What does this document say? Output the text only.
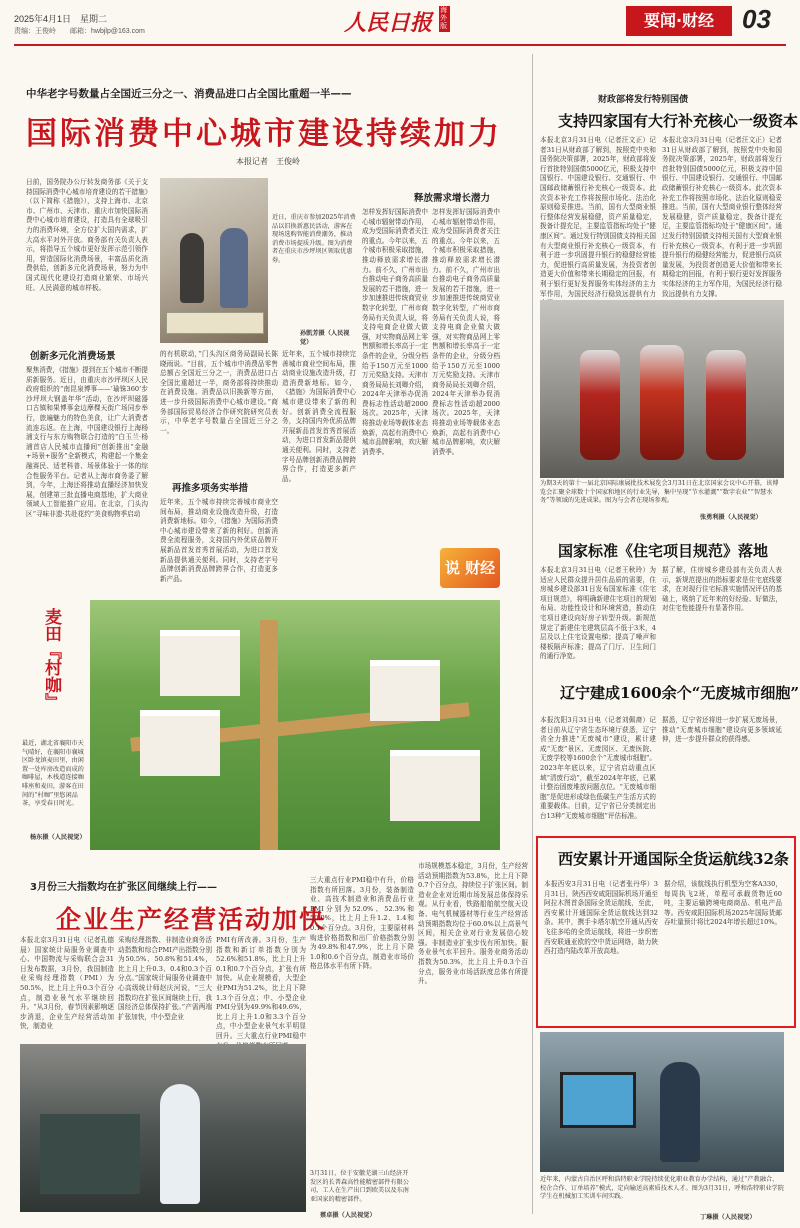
2025年4月1日　星期二
责编：王俊岭　　邮箱：hwbjlp@163.com	人民日报 海外版	要闻·财经	03
中华老字号数量占全国近三分之一、消费品进口占全国比重超一半——
国际消费中心城市建设持续加力
本报记者　王俊岭
日前，国务院办公厅转发商务部《关于支持国际消费中心城市培育建设的若干措施》（以下简称《措施》），支持上海市、北京市、广州市、天津市、重庆市加快国际消费中心城市培育建设，打造具有全球吸引力的消费环境，全方位扩大国内需求，扩大高水平对外开放。商务部有关负责人表示，将指导五个城市更好发挥示范引领作用，营造国际化消费场景，丰富品质化消费供给，创新多元化消费场景，努力为中国式现代化建设打造商业繁荣、市场兴旺、人民满意的城市样板。
创新多元化消费场景
聚焦消费，《措施》提到在五个城市不断提质新服务。近日，由重庆市沙坪坝区人民政府组织的“南昆泉博事——‘瑜铢360’步　沙坪坝大钢盖年华”活动，在沙坪坝磁器口古镇和果博事金边摩棵天街广场同步举行，旅遍魅力的特色美食，让广大消费者流连忘返。在上海，中国建设银行上海杨浦支行与东方购物联合打造的“白玉兰·杨浦首店人民城市直播间”创新推出“金融+场景+服务”全新模式，构建起一个集金融赛民、适老科普、场景体验于一体的综合性服务平台。记者从上海市商务委了解到，今年，上海还将推动直播经济加快发展，创建第三批直播电商基地，扩大商业领域人工智能推广应用。在北京，门头沟区“寻味非遗·共赴花约”美食购物季启动
近日，重庆市参加2025年消费品以旧换新惠民活动，游客在现场选购智能消费潮务，推动消费市场提质升级。图为消费者在重庆市沙坪坝区领取优惠券。
孙凯芳摄（人民视觉）
的有机联动，”门头沟区商务局副局长陈晓雨说。“目前，五个城市中消费品零售总额占全国近三分之一，消费品进口占全国比重超过一半，商务部将持续推动在消费设施、消费品以旧换新等方面，进一步升级国际消费中心城市建设。”商务部国际贸易经济合作研究院研究员表示，中华老字号数量占全国近三分之一。
再推多项务实举措
近年来，五个城市持续完善城市商业空间布局，推动商业设施改造升级，打造消费新地标。如今，《措施》为国际消费中心城市建设带来了新的利好。创新消费全流程服务，支持国内外优质品牌开展新品首发首秀首展活动，为进口首发新品提供通关便利。同时，支持老字号品牌创新消费品牌跨界合作，打造更多新产品。
近年来，五个城市持续完善城市商业空间布局，推动商业设施改造升级，打造消费新地标。如今，《措施》为国际消费中心城市建设带来了新的利好。创新消费全流程服务，支持国内外优质品牌开展新品首发首秀首展活动，为进口首发新品提供通关便利。同时，支持老字号品牌创新消费品牌跨界合作，打造更多新产品。
释放需求增长潜力
怎样发挥好国际消费中心城市辐射带动作用，成为受国际消费者关注的重点。今年以来，五个城市积极采取措施，推动释放需求增长潜力。前不久，广州市出台推动电子商务高质量发展的若干措施，进一步加速推进传统商贸业数字化转型，广州市商务局有关负责人说，将支持电商企业做大做强，对实物商品网上零售额和增长率高于一定条件的企业，分级分档给予150万元至1000万元奖励支持。天津市商务局局长刘卿介绍，2024年天津举办促消费标志性活动超2000场次。2025年，天津将推动业场等载体业态焕新，高起有消费中心城市品牌影响，欢庆解消费季。
怎样发挥好国际消费中心城市辐射带动作用，成为受国际消费者关注的重点。今年以来，五个城市积极采取措施，推动释放需求增长潜力。前不久，广州市出台推动电子商务高质量发展的若干措施，进一步加速推进传统商贸业数字化转型，广州市商务局有关负责人说，将支持电商企业做大做强，对实物商品网上零售额和增长率高于一定条件的企业，分级分档给予150万元至1000万元奖励支持。天津市商务局局长刘卿介绍，2024年天津举办促消费标志性活动超2000场次。2025年，天津将推动业场等载体业态焕新，高起有消费中心城市品牌影响，欢庆解消费季。
说 财经
麦田『村咖』
最近，湖北省襄阳市天气晴好，在襄阳市襄城区卧龙镇麦田里，由闲置一处库房改造而成的咖啡屋，木栈道连接咖啡座和麦田，游客在田间的“村咖”里悠闲品茶，享受春日时光。
杨东摄（人民视觉）
3月份三大指数均在扩张区间继续上行——
企业生产经营活动加快
本报北京3月31日电（记者孔德晨）国家统计局服务业调查中心、中国物流与采购联合会31日发布数据，3月份，我国制造业采购经理指数（PMI）为50.5%，比上月上升0.3个百分点，制造业景气水平继续回升。“从3月份，春节因素影响逐步消退，企业生产经营活动加快，制造业
采购经理指数、非制造业商务活动指数和综合PMI产出指数分别为50.5%、50.8%和51.4%，比上月上升0.3、0.4和0.3个百分点。”国家统计局服务业调查中心高级统计师赵庆河说，“三大指数均在扩张区间继续上行，我国经济总体保持扩张。”产需两端扩张加快，中小型企业
PMI有所改善。3月份，生产指数和新订单指数分别为52.6%和51.8%，比上月上升0.1和0.7个百分点，扩张有所加快。从企业规模看，大型企业PMI为51.2%，比上月下降1.3个百分点；中、小型企业PMI分别为49.9%和49.6%，比上月上升1.0和3.3个百分点，中小型企业景气水平明显回升。三大重点行业PMI稳中
三大重点行业PMI稳中有升，价格指数有所回落。3月份，装备制造业、高技术制造业和消费品行业PMI分别为52.0%、52.3%和50.0%，比上月上升1.2、1.4和0.1个百分点。3月份，主要原材料购进价格指数和出厂价格指数分别为49.8%和47.9%，比上月下降1.0和0.6个百分点，制造业市场价格总体水平有所下降。
市场规模基本稳定，3月份，生产经营活动预期指数为53.8%，比上月下降0.7个百分点，持续位于扩张区间。制造业企业对近期市场发展总体保持乐观。从行业看，铁路船舶航空航天设备、电气机械器材等行业生产经营活动预期指数均位于60.0%以上高景气区间，相关企业对行业发展信心较强。非制造业扩张步伐有所加快。服务业景气水平回升。服务业商务活动指数为50.3%，比上月上升0.3个百分点，服务业市场活跃度总体有所提升。
3月31日，位于安徽芜湖三山经济开发区的长普森高性能精密部件有限公司，工人在生产出口到欧美以及东南亚国家的精密部件。
蔡卓摄（人民视觉）
财政部将发行特别国债
支持四家国有大行补充核心一级资本
本报北京3月31日电（记者汪文正）记者31日从财政部了解到，按照党中央和国务院决策部署，2025年，财政部将发行首批特别国债5000亿元，积极支持中国银行、中国建设银行、交通银行、中国邮政储蓄银行补充核心一级资本。此次资本补充工作将按照市场化、法治化原则稳妥推进。当前，国有大型商业银行整体经营发展稳健，资产质量稳定，拨备计提充足，主要监管指标均处于“健康区间”。通过发行特别国债支持相关国有大型商业银行补充核心一级资本，有利于进一步巩固提升银行的稳健经营能力，促进银行高质量发展，为投资者创造更大价值和带来长期稳定的回报，有利于银行更好发挥服务实体经济的主力军作用，为国民经济行稳致远提供有力
本报北京3月31日电（记者汪文正）记者31日从财政部了解到，按照党中央和国务院决策部署，2025年，财政部将发行首批特别国债5000亿元，积极支持中国银行、中国建设银行、交通银行、中国邮政储蓄银行补充核心一级资本。此次资本补充工作将按照市场化、法治化原则稳妥推进。当前，国有大型商业银行整体经营发展稳健，资产质量稳定，拨备计提充足，主要监管指标均处于“健康区间”。通过发行特别国债支持相关国有大型商业银行补充核心一级资本，有利于进一步巩固提升银行的稳健经营能力，促进银行高质量发展，为投资者创造更大价值和带来长期稳定的回报，有利于银行更好发挥服务实体经济的主力军作用，为国民经济行稳致远提供有力支撑。
为期3天的第十一届北京国际康展批技术展览会3月31日在北京国家会议中心开幕，该博览会汇聚全球数十个国家和地区的行业先导，集中呈现“节水灌溉”“数字农业”“智慧水务”等领域的先进成果。图为与会者在现场参观。
张勇利摄（人民视觉）
国家标准《住宅项目规范》落地
本报北京3月31日电（记者王秋玲）为适应人民群众提升居住品质的需要，住房城乡建设部31日发布国家标准《住宅项目规范》，将明确新建住宅项目的规划布局、功能性设计和环境营造，推动住宅项目建设向好房子转型升级。新规范规定了新建住宅建筑层高不低于3米，4层及以上住宅设置电梯；提高了噪声和楼板隔声标准；提高了门厅、卫生间门的通行净宽。
据了解，住房城乡建设部有关负责人表示，新规范提出的指标要求是住宅底线要求，在对现行住宅标准实施情况评估的基础上，吸纳了近年来的好经验、好做法，对住宅性能提升有显著作用。
辽宁建成1600余个“无废城市细胞”
本报沈阳3月31日电（记者刘佩裔）记者日前从辽宁省生态环境厅获悉，辽宁省全力推进“无废城市”建设，累计建成“无废”景区、无废园区、无废医院、无废学校等1600余个“无废城市细胞”。2023年年底以来，辽宁省启动重点区域“清废行动”，截至2024年年底，已累计整治固废堆放问题点位。“无废城市细胞”是促进形成绿色低碳生产生活方式的重要载体。目前，辽宁省已分类制定出台13种“无废城市细胞”评估标准。
据悉，辽宁省还将进一步扩展无废场景，推动“无废城市细胞”建设向更多领域延伸，进一步提升群众的获得感。
西安累计开通国际全货运航线32条
本报西安3月31日电（记者张丹华）3月31日，陕西西安咸阳国际机场开通至阿拉木图首条国际全货运航线，至此，西安累计开通国际全货运航线达到32条。其中，携手卡塔尔航空开通从西安飞往多哈的全货运航线，将进一步织密西安联通亚欧的空中货运网络，助力陕西打造内陆改革开放高地。
据介绍，该航线执行机型为空客A330，每周执飞2班，单程可承载货物近60吨，主要运输跨境电商商品、机电产品等。西安咸阳国际机场2025年国际货邮吞吐量预计将比2024年增长超过10%。
近年来，内蒙古自治区呼和浩特职业学院持续优化职业教育办学结构，通过“产教融合、校企合作、订单培养”模式，定向输送高素质技术人才。图为3月31日，呼和浩特职业学院学生在机械加工实训车间实践。
丁琳摄（人民视觉）
